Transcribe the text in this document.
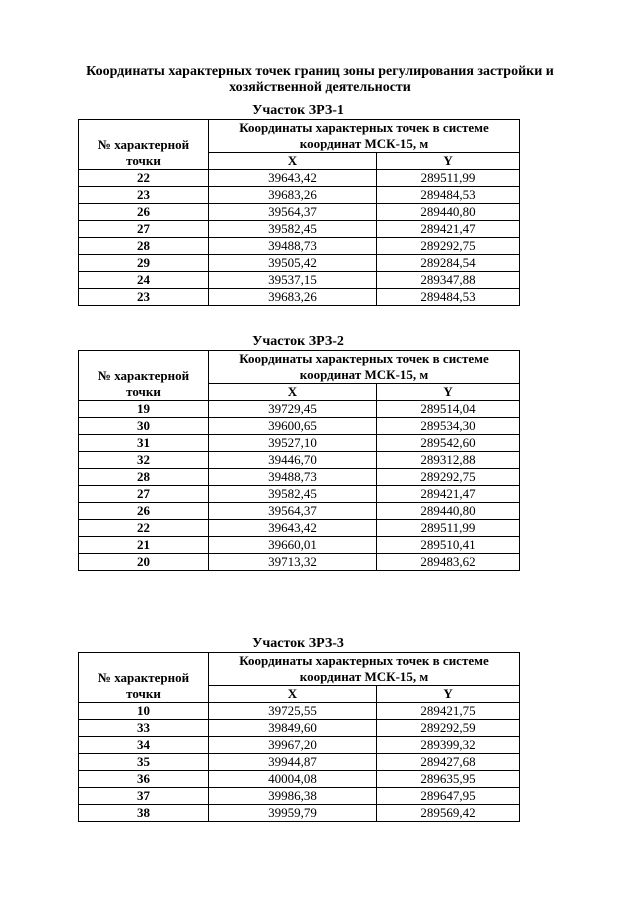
Координаты характерных точек границ зоны регулирования застройки и
хозяйственной деятельности
Участок ЗРЗ-1
№ характерной точки	Координаты характерных точек в системе
координат МСК-15, м	
	X	Y
22	39643,42	289511,99
23	39683,26	289484,53
26	39564,37	289440,80
27	39582,45	289421,47
28	39488,73	289292,75
29	39505,42	289284,54
24	39537,15	289347,88
23	39683,26	289484,53
Участок ЗРЗ-2
№ характерной точки	Координаты характерных точек в системе
координат МСК-15, м	
	X	Y
19	39729,45	289514,04
30	39600,65	289534,30
31	39527,10	289542,60
32	39446,70	289312,88
28	39488,73	289292,75
27	39582,45	289421,47
26	39564,37	289440,80
22	39643,42	289511,99
21	39660,01	289510,41
20	39713,32	289483,62
Участок ЗРЗ-3
№ характерной точки	Координаты характерных точек в системе
координат МСК-15, м	
	X	Y
10	39725,55	289421,75
33	39849,60	289292,59
34	39967,20	289399,32
35	39944,87	289427,68
36	40004,08	289635,95
37	39986,38	289647,95
38	39959,79	289569,42
